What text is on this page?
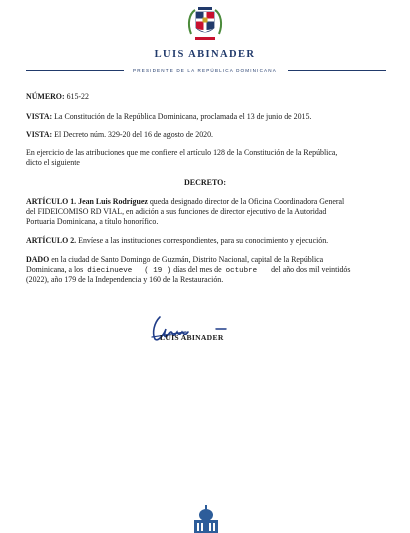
LUIS ABINADER
PRESIDENTE DE LA REPÚBLICA DOMINICANA
NÚMERO: 615-22
VISTA: La Constitución de la República Dominicana, proclamada el 13 de junio de 2015.
VISTA: El Decreto núm. 329-20 del 16 de agosto de 2020.
En ejercicio de las atribuciones que me confiere el artículo 128 de la Constitución de la República,
dicto el siguiente
DECRETO:
ARTÍCULO 1. Jean Luis Rodríguez queda designado director de la Oficina Coordinadora General
del FIDEICOMISO RD VIAL, en adición a sus funciones de director ejecutivo de la Autoridad
Portuaria Dominicana, a título honorífico.
ARTÍCULO 2. Envíese a las instituciones correspondientes, para su conocimiento y ejecución.
DADO en la ciudad de Santo Domingo de Guzmán, Distrito Nacional, capital de la República
Dominicana, a los diecinueve ( 19 ) días del mes de octubre del año dos mil veintidós
(2022), año 179 de la Independencia y 160 de la Restauración.
LUIS ABINADER
